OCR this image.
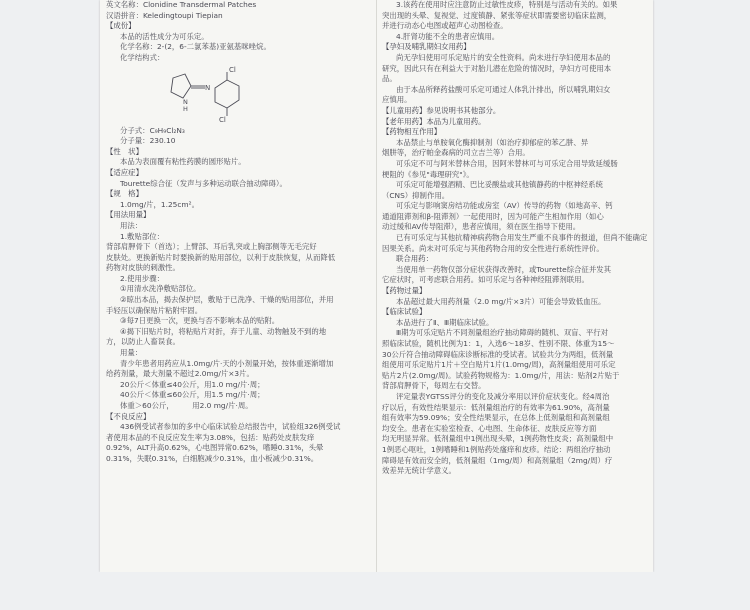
英文名称：Clonidine Transdermal Patches

汉语拼音：Keledingtoupi Tiepian

【成份】

本品的活性成分为可乐定。

化学名称：2-(2，6-二氯苯基)亚氨基咪唑烷。

化学结构式：

N
N
H
Cl
Cl

分子式：C₉H₉Cl₂N₃

分子量：230.10

【性　状】

本品为表面覆有粘性药膜的圆形贴片。

【适应症】

Tourette综合征（发声与多种运动联合抽动障碍）。

【规　格】

1.0mg/片，1.25cm²。

【用法用量】

用法：

1.敷贴部位：

背部肩胛骨下（首选）；上臂部、耳后乳突或上胸部侧等无毛完好

皮肤处。更换新贴片时要换新的贴用部位，以利于皮肤恢复，从而降低

药物对皮肤的刺激性。

2.使用步骤：

①用清水洗净敷贴部位。

②晾出本品，揭去保护层，敷贴于已洗净、干燥的贴用部位，并用

手轻压以确保贴片粘附牢固。

③每7日更换一次，更换与否不影响本品的贴附。

④揭下旧贴片时，将粘贴片对折，弃于儿童、动物触及不到的地

方，以防止人畜误食。

用量：

青少年患者用药应从1.0mg/片·天的小剂量开始，按体重逐渐增加

给药剂量，最大剂量不超过2.0mg/片×3片。

20公斤＜体重≤40公斤，用1.0 mg/片·周；

40公斤＜体重≤60公斤，用1.5 mg/片·周；

体重＞60公斤，　　　用2.0 mg/片·周。

【不良反应】

436例受试者参加的多中心临床试验总结报告中，试验组326例受试

者使用本品的不良反应发生率为3.08%，包括：贴药处皮肤发痒

0.92%，ALT升高0.62%，心电图异常0.62%，嗜睡0.31%，头晕

0.31%，失眠0.31%，白细胞减少0.31%，血小板减少0.31%。

3.该药在使用时应注意防止过敏性皮疹，特别是与活动有关的。如果

突出现的头晕、复视觉、过度镇静、紧张等症状即需要密切临床监测，

并进行动态心电图或超声心动图检查。

4.肝肾功能不全的患者应慎用。

【孕妇及哺乳期妇女用药】

尚无孕妇使用可乐定贴片的安全性资料。尚未进行孕妇使用本品的

研究，因此只有在利益大于对胎儿潜在危险的情况时，孕妇方可使用本

品。

由于本品所释药盐酸可乐定可通过人体乳汁排出，所以哺乳期妇女

应慎用。

【儿童用药】参见说明书其他部分。

【老年用药】本品为儿童用药。

【药物相互作用】

本品禁止与单胺氧化酶抑制剂（如治疗抑郁症的苯乙肼、异

烟肼等，治疗帕金森病的司立吉兰等）合用。

可乐定不可与阿米替林合用，因阿米替林可与可乐定合用导致延缓肠

梗阻的《参见"毒理研究"》。

可乐定可能增强酒精、巴比妥酸盐或其他镇静药的中枢神经系统

（CNS）抑制作用。

可乐定与影响窦房结功能或房室（AV）传导的药物（如地高辛、钙

通道阻滞剂和β-阻滞剂）一起使用时，因为可能产生相加作用（如心

动过缓和AV传导阻滞），患者应慎用，须在医生指导下使用。

已有可乐定与其他抗精神病药物合用发生严重不良事件的报道，但尚不能确定

因果关系。尚未对可乐定与其他药物合用的安全性进行系统性评价。

联合用药：

当使用单一药物仅部分症状获得改善时，或Tourette综合征并发其

它症状时，可考虑联合用药。如可乐定与各种神经阻滞剂联用。

【药物过量】

本品超过最大用药剂量（2.0 mg/片×3片）可能会导致低血压。

【临床试验】

本品进行了Ⅱ、Ⅲ期临床试验。

Ⅲ期为可乐定贴片不同剂量组治疗抽动障碍的随机、双盲、平行对

照临床试验，随机比例为1：1，入选6～18岁、性别不限、体重为15～

30公斤符合抽动障碍临床诊断标准的受试者。试验共分为两组，低剂量

组使用可乐定贴片1片＋空白贴片1片(1.0mg/周)，高剂量组使用可乐定

贴片2片(2.0mg/周)。试验药物规格为：1.0mg/片，用法：贴剂2片贴于

背部肩胛骨下，每周左右交替。

评定量表YGTSS评分的变化及减分率用以评价症状变化。经4周治

疗以后，有效性结果显示：低剂量组治疗的有效率为61.90%，高剂量

组有效率为59.09%；安全性结果显示，在总体上低剂量组和高剂量组

均安全。患者在实验室检查、心电图、生命体征、皮肤反应等方面

均无明显异常。低剂量组中1例出现头晕，1例药物性皮炎；高剂量组中

1例恶心呕吐，1例嗜睡和1例贴药处瘙痒和皮疹。结论：两组治疗抽动

障碍是有效而安全的，低剂量组（1mg/周）和高剂量组（2mg/周）疗

效差异无统计学意义。
